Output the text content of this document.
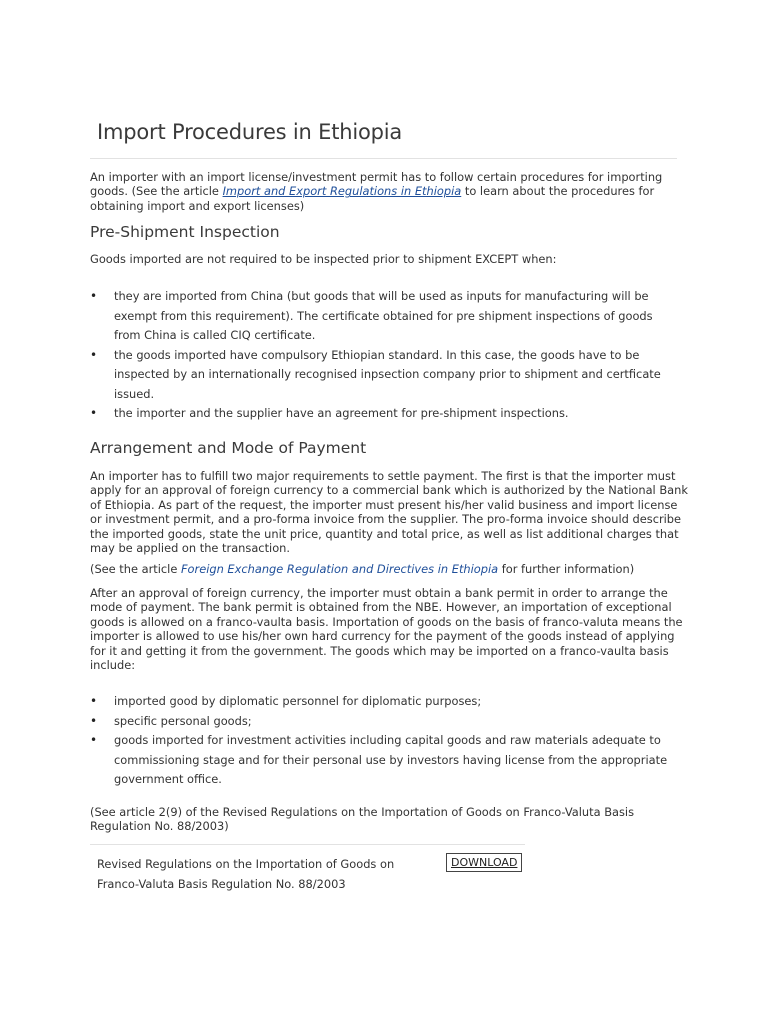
Import Procedures in Ethiopia

An importer with an import license/investment permit has to follow certain procedures for importing goods. (See the article Import and Export Regulations in Ethiopia to learn about the procedures for obtaining import and export licenses)

Pre-Shipment Inspection

Goods imported are not required to be inspected prior to shipment EXCEPT when:

• they are imported from China (but goods that will be used as inputs for manufacturing will be exempt from this requirement). The certificate obtained for pre shipment inspections of goods from China is called CIQ certificate.
• the goods imported have compulsory Ethiopian standard. In this case, the goods have to be inspected by an internationally recognised inpsection company prior to shipment and certficate issued.
• the importer and the supplier have an agreement for pre-shipment inspections.
Arrangement and Mode of Payment

An importer has to fulfill two major requirements to settle payment. The first is that the importer must apply for an approval of foreign currency to a commercial bank which is authorized by the National Bank of Ethiopia. As part of the request, the importer must present his/her valid business and import license or investment permit, and a pro-forma invoice from the supplier. The pro-forma invoice should describe the imported goods, state the unit price, quantity and total price, as well as list additional charges that may be applied on the transaction.

(See the article Foreign Exchange Regulation and Directives in Ethiopia for further information)

After an approval of foreign currency, the importer must obtain a bank permit in order to arrange the mode of payment. The bank permit is obtained from the NBE. However, an importation of exceptional goods is allowed on a franco-vaulta basis. Importation of goods on the basis of franco-valuta means the importer is allowed to use his/her own hard currency for the payment of the goods instead of applying for it and getting it from the government. The goods which may be imported on a franco-vaulta basis include:

• imported good by diplomatic personnel for diplomatic purposes;
• specific personal goods;
• goods imported for investment activities including capital goods and raw materials adequate to commissioning stage and for their personal use by investors having license from the appropriate government office.

(See article 2(9) of the Revised Regulations on the Importation of Goods on Franco-Valuta Basis Regulation No. 88/2003)

Revised Regulations on the Importation of Goods on Franco-Valuta Basis Regulation No. 88/2003

DOWNLOAD
